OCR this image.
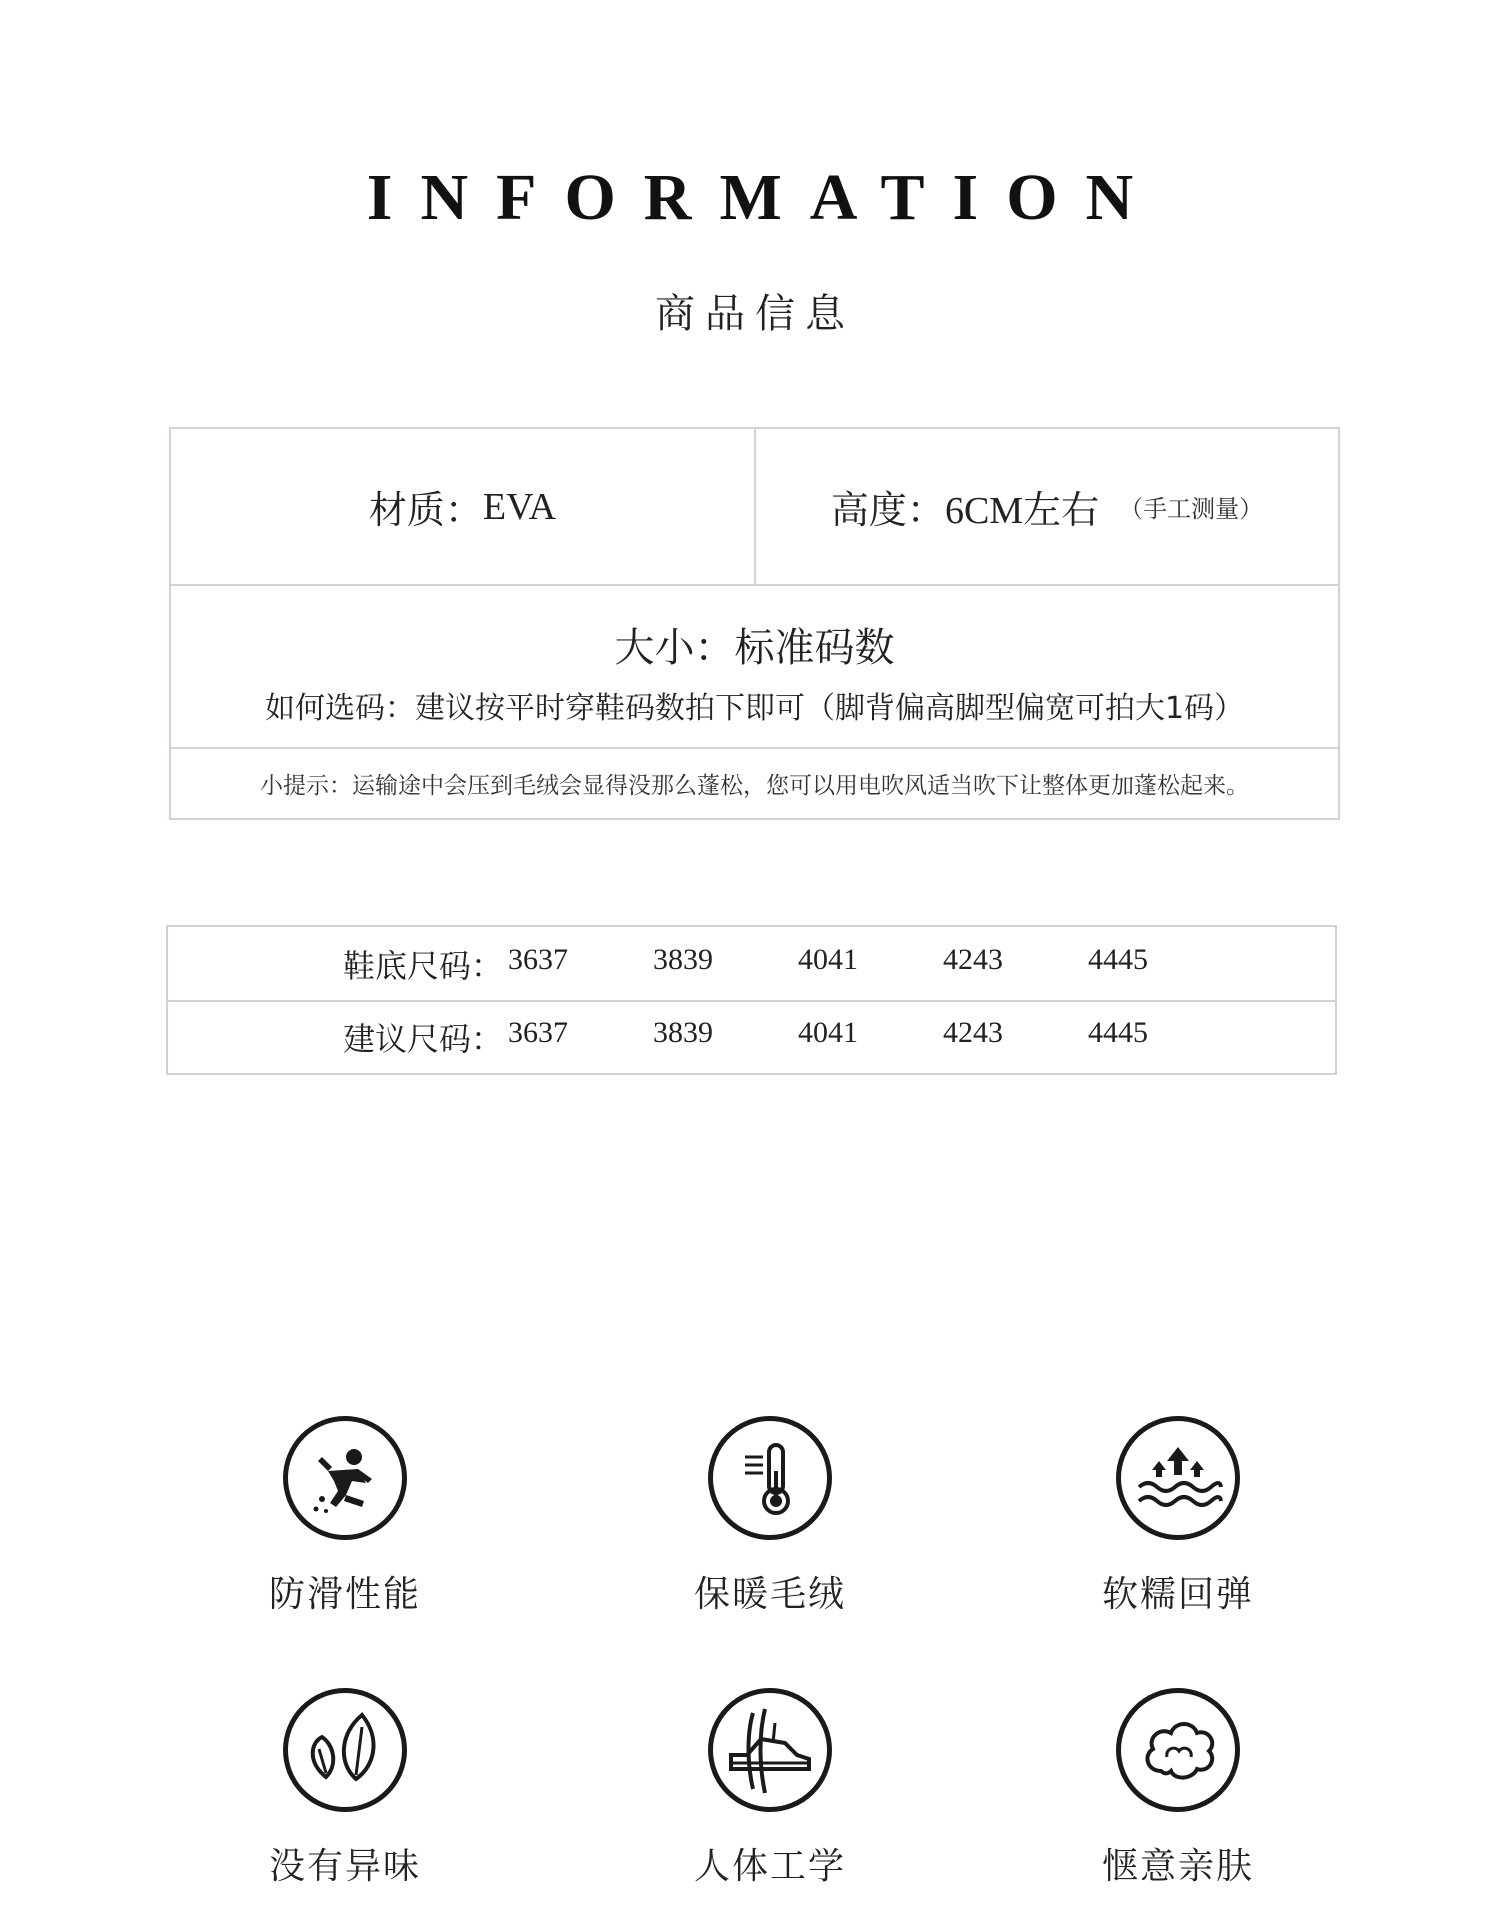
INFORMATION
商品信息
材质： EVA	高度： 6CM左右 （手工测量）
大小：标准码数
如何选码：建议按平时穿鞋码数拍下即可（脚背偏高脚型偏宽可拍大1码）
小提示：运输途中会压到毛绒会显得没那么蓬松，您可以用电吹风适当吹下让整体更加蓬松起来。
鞋底尺码： 3637	3839	4041	4243	4445
建议尺码： 3637	3839	4041	4243	4445
防滑性能	保暖毛绒	软糯回弹
没有异味	人体工学	惬意亲肤
